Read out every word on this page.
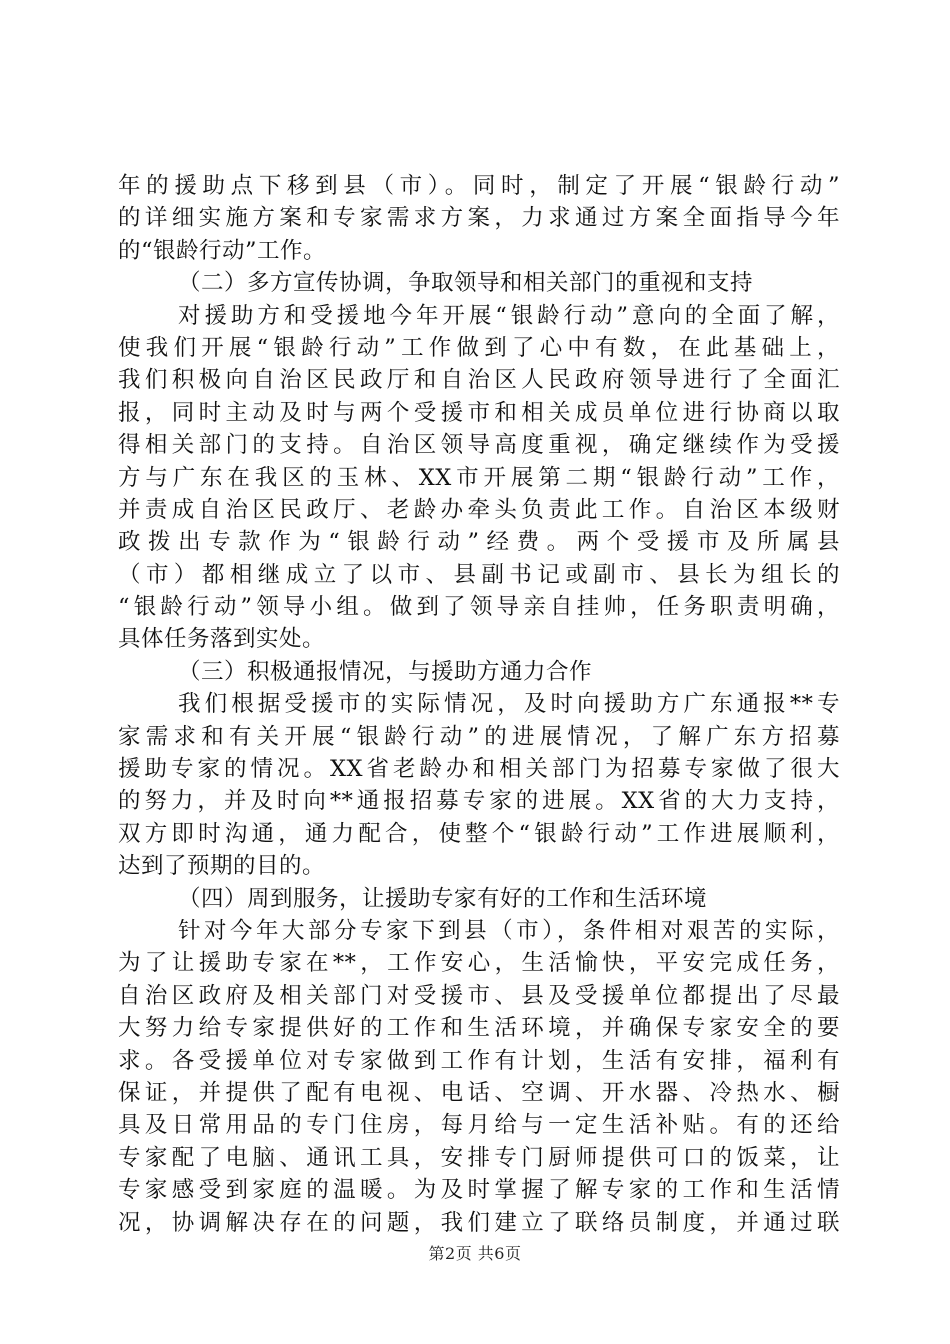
年的援助点下移到县（市）。同时，制定了开展“银龄行动”
的详细实施方案和专家需求方案，力求通过方案全面指导今年
的“银龄行动”工作。
（二）多方宣传协调，争取领导和相关部门的重视和支持
对援助方和受援地今年开展“银龄行动”意向的全面了解，
使我们开展“银龄行动”工作做到了心中有数，在此基础上，
我们积极向自治区民政厅和自治区人民政府领导进行了全面汇
报，同时主动及时与两个受援市和相关成员单位进行协商以取
得相关部门的支持。自治区领导高度重视，确定继续作为受援
方与广东在我区的玉林、XX市开展第二期“银龄行动”工作，
并责成自治区民政厅、老龄办牵头负责此工作。自治区本级财
政拨出专款作为“银龄行动”经费。两个受援市及所属县
（市）都相继成立了以市、县副书记或副市、县长为组长的
“银龄行动”领导小组。做到了领导亲自挂帅，任务职责明确，
具体任务落到实处。
（三）积极通报情况，与援助方通力合作
我们根据受援市的实际情况，及时向援助方广东通报**专
家需求和有关开展“银龄行动”的进展情况，了解广东方招募
援助专家的情况。XX省老龄办和相关部门为招募专家做了很大
的努力，并及时向**通报招募专家的进展。XX省的大力支持，
双方即时沟通，通力配合，使整个“银龄行动”工作进展顺利，
达到了预期的目的。
（四）周到服务，让援助专家有好的工作和生活环境
针对今年大部分专家下到县（市），条件相对艰苦的实际，
为了让援助专家在**，工作安心，生活愉快，平安完成任务，
自治区政府及相关部门对受援市、县及受援单位都提出了尽最
大努力给专家提供好的工作和生活环境，并确保专家安全的要
求。各受援单位对专家做到工作有计划，生活有安排，福利有
保证，并提供了配有电视、电话、空调、开水器、冷热水、橱
具及日常用品的专门住房，每月给与一定生活补贴。有的还给
专家配了电脑、通讯工具，安排专门厨师提供可口的饭菜，让
专家感受到家庭的温暖。为及时掌握了解专家的工作和生活情
况，协调解决存在的问题，我们建立了联络员制度，并通过联
第2页 共6页
